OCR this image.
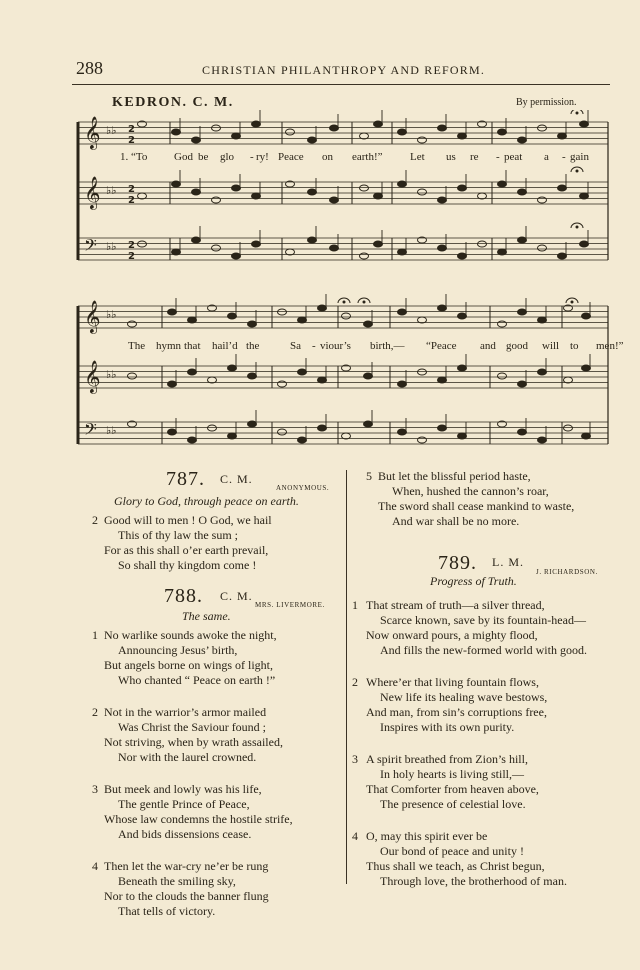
288	CHRISTIAN PHILANTHROPY AND REFORM.
KEDRON. C. M.	By permission.
𝄞 ♭♭ 2
2
𝄞 ♭♭ 2
2
𝄢 ♭♭ 2
2
𝄞 ♭♭
𝄞 ♭♭
𝄢 ♭♭
1. “To God be glo - ry! Peace on earth!” Let us re - peat a - gain
The hymn that hail’d the	Sa - viour’s birth,— “Peace and good will to men!”
787. C. M.
ANONYMOUS.
Glory to God, through peace on earth.
2 Good will to men ! O God, we hail
This of thy law the sum ;
For as this shall o’er earth prevail,
So shall thy kingdom come !
788. C. M.
MRS. LIVERMORE.
The same.
1 No warlike sounds awoke the night,
Announcing Jesus’ birth,
But angels borne on wings of light,
Who chanted “ Peace on earth !”
2 Not in the warrior’s armor mailed
Was Christ the Saviour found ;
Not striving, when by wrath assailed,
Nor with the laurel crowned.
3 But meek and lowly was his life,
The gentle Prince of Peace,
Whose law condemns the hostile strife,
And bids dissensions cease.
4 Then let the war-cry ne’er be rung
Beneath the smiling sky,
Nor to the clouds the banner flung
That tells of victory.
5 But let the blissful period haste,
When, hushed the cannon’s roar,
The sword shall cease mankind to waste,
And war shall be no more.
789. L. M.
J. RICHARDSON.
Progress of Truth.
1 That stream of truth—a silver thread,
Scarce known, save by its fountain-head—
Now onward pours, a mighty flood,
And fills the new-formed world with good.
2 Where’er that living fountain flows,
New life its healing wave bestows,
And man, from sin’s corruptions free,
Inspires with its own purity.
3 A spirit breathed from Zion’s hill,
In holy hearts is living still,—
That Comforter from heaven above,
The presence of celestial love.
4 O, may this spirit ever be
Our bond of peace and unity !
Thus shall we teach, as Christ begun,
Through love, the brotherhood of man.
